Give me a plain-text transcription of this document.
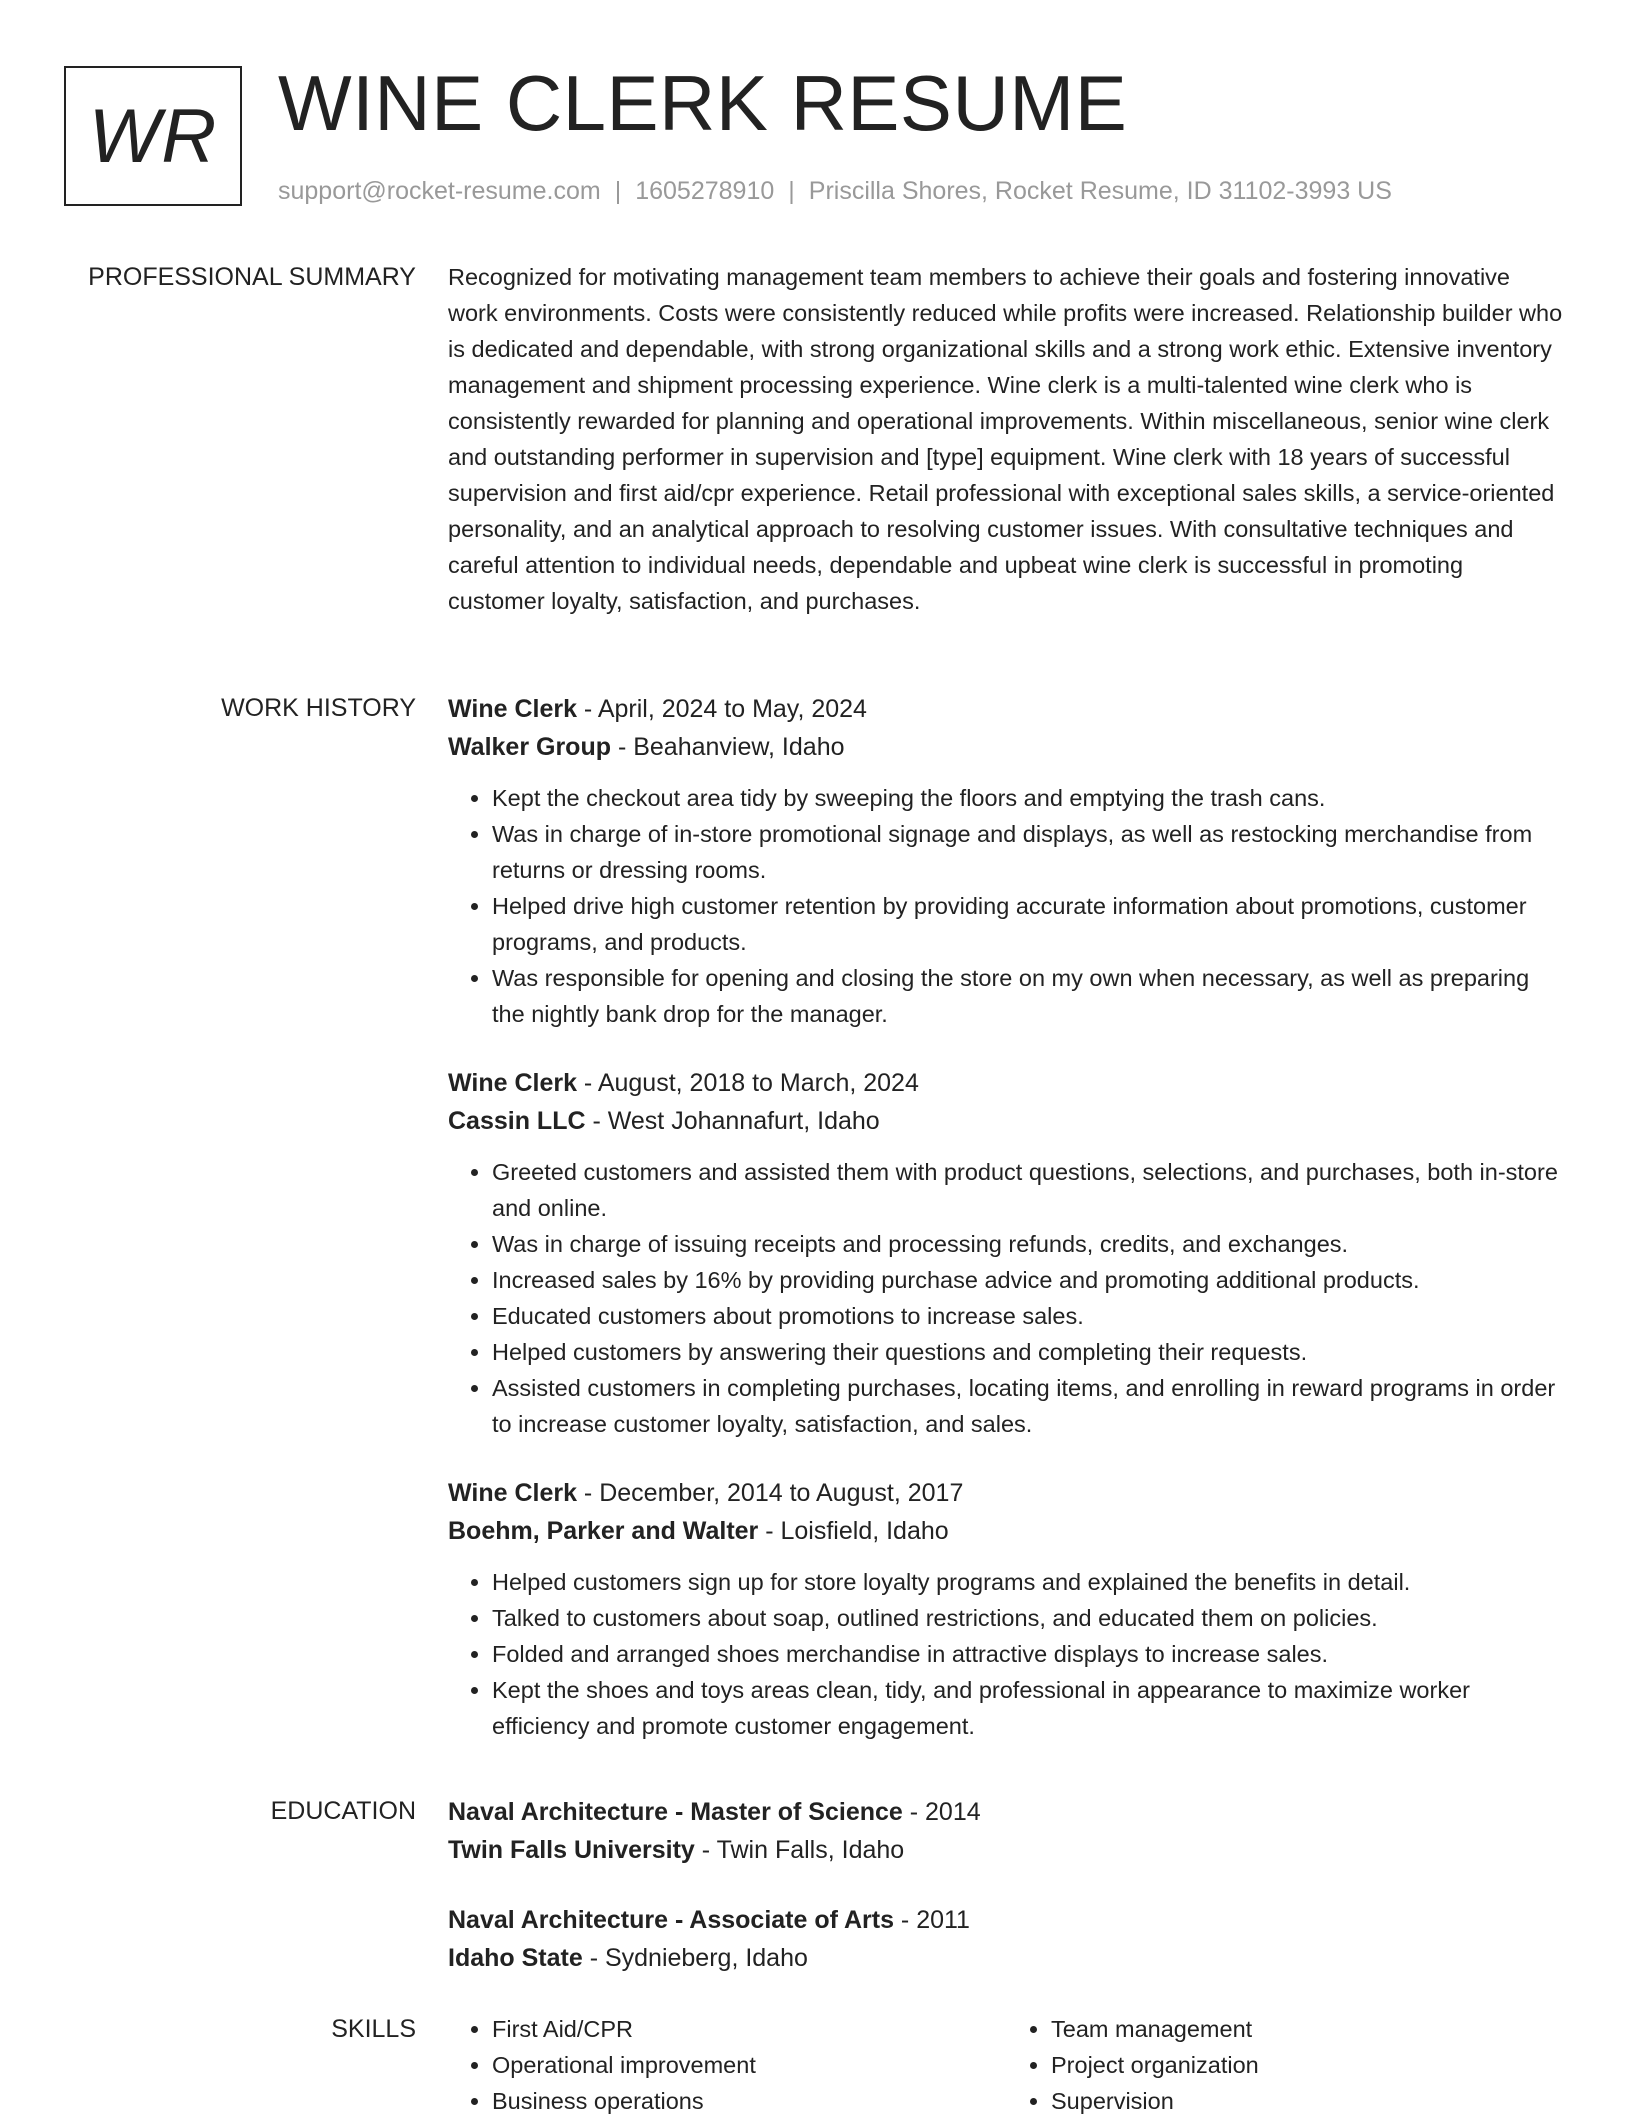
WR WINE CLERK RESUME
support@rocket-resume.com | 1605278910 | Priscilla Shores, Rocket Resume, ID 31102-3993 US
PROFESSIONAL SUMMARY Recognized for motivating management team members to achieve their goals and fostering innovative work environments. Costs were consistently reduced while profits were increased. Relationship builder who is dedicated and dependable, with strong organizational skills and a strong work ethic. Extensive inventory management and shipment processing experience. Wine clerk is a multi-talented wine clerk who is consistently rewarded for planning and operational improvements. Within miscellaneous, senior wine clerk and outstanding performer in supervision and [type] equipment. Wine clerk with 18 years of successful supervision and first aid/cpr experience. Retail professional with exceptional sales skills, a service-oriented personality, and an analytical approach to resolving customer issues. With consultative techniques and careful attention to individual needs, dependable and upbeat wine clerk is successful in promoting customer loyalty, satisfaction, and purchases.

WORK HISTORY Wine Clerk - April, 2024 to May, 2024

Walker Group - Beahanview, Idaho

• Kept the checkout area tidy by sweeping the floors and emptying the trash cans.
• Was in charge of in-store promotional signage and displays, as well as restocking merchandise from returns or dressing rooms.
• Helped drive high customer retention by providing accurate information about promotions, customer programs, and products.
• Was responsible for opening and closing the store on my own when necessary, as well as preparing the nightly bank drop for the manager.

Wine Clerk - August, 2018 to March, 2024

Cassin LLC - West Johannafurt, Idaho

• Greeted customers and assisted them with product questions, selections, and purchases, both in-store and online.
• Was in charge of issuing receipts and processing refunds, credits, and exchanges.
• Increased sales by 16% by providing purchase advice and promoting additional products.
• Educated customers about promotions to increase sales.
• Helped customers by answering their questions and completing their requests.
• Assisted customers in completing purchases, locating items, and enrolling in reward programs in order to increase customer loyalty, satisfaction, and sales.

Wine Clerk - December, 2014 to August, 2017

Boehm, Parker and Walter - Loisfield, Idaho

• Helped customers sign up for store loyalty programs and explained the benefits in detail.
• Talked to customers about soap, outlined restrictions, and educated them on policies.
• Folded and arranged shoes merchandise in attractive displays to increase sales.
• Kept the shoes and toys areas clean, tidy, and professional in appearance to maximize worker efficiency and promote customer engagement.
EDUCATION Naval Architecture - Master of Science - 2014

Twin Falls University - Twin Falls, Idaho

Naval Architecture - Associate of Arts - 2011

Idaho State - Sydnieberg, Idaho

SKILLS
•	First Aid/CPR
• Operational improvement
• Business operations
• Team management
• Project organization
• Supervision
